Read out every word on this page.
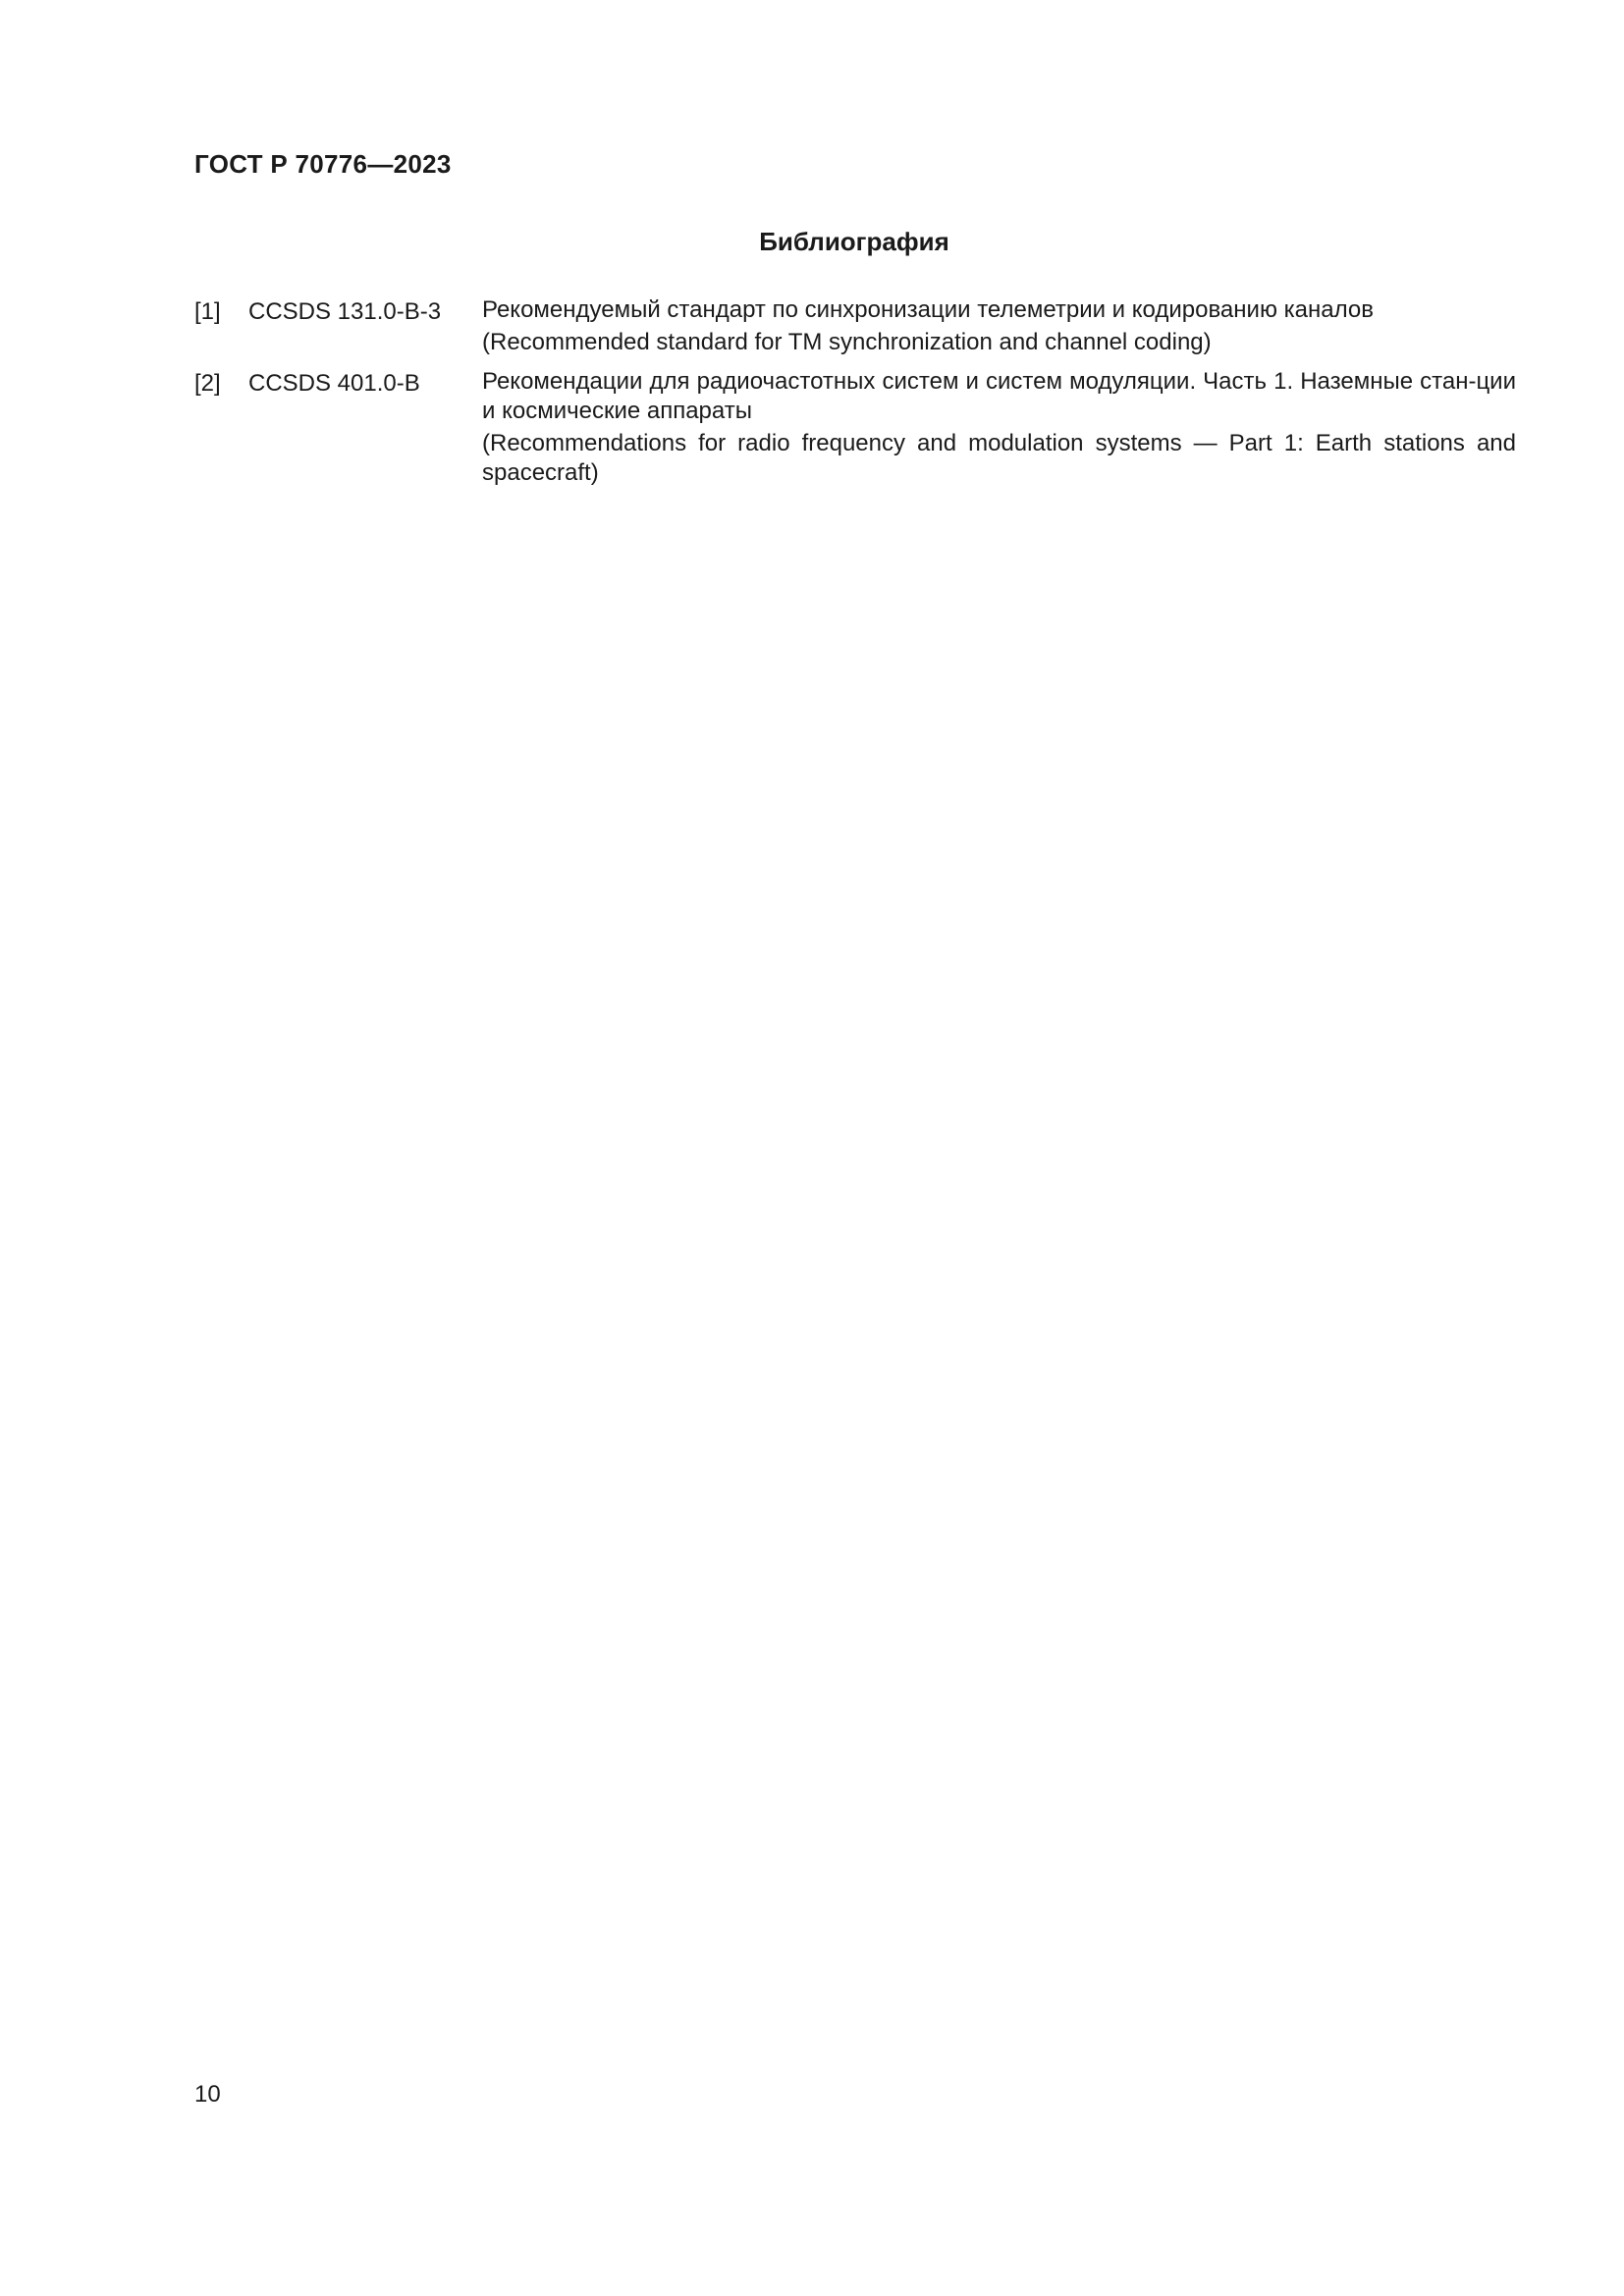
ГОСТ Р 70776—2023
Библиография
[1] CCSDS 131.0-B-3 Рекомендуемый стандарт по синхронизации телеметрии и кодированию каналов

(Recommended standard for TM synchronization and channel coding)

[2] CCSDS 401.0-B	Рекомендации для радиочастотных систем и систем модуляции. Часть 1. Наземные стан-ции и космические аппараты

(Recommendations for radio frequency and modulation systems — Part 1: Earth stations and spacecraft)

10
